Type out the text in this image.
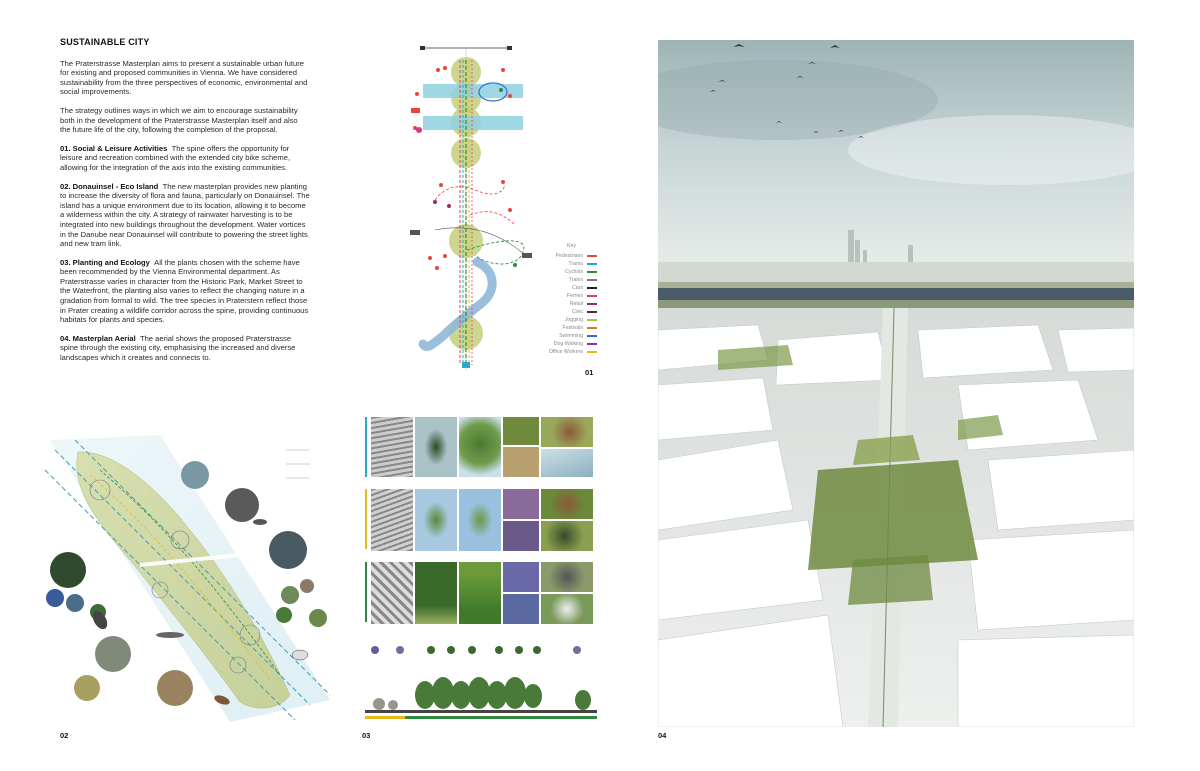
SUSTAINABLE CITY

The Praterstrasse Masterplan aims to present a sustainable urban future for existing and proposed communities in Vienna. We have considered sustainability from the three perspectives of economic, environmental and social improvements.

The strategy outlines ways in which we aim to encourage sustainability both in the development of the Praterstrasse Masterplan itself and also the future life of the city, following the completion of the proposal.

01. Social & Leisure Activities The spine offers the opportunity for leisure and recreation combined with the extended city bike scheme, allowing for the integration of the axis into the existing communities.

02. Donauinsel - Eco Island The new masterplan provides new planting to increase the diversity of flora and fauna, particularly on Donauinsel. The island has a unique environment due to its location, allowing it to become a wilderness within the city. A strategy of rainwater harvesting is to be integrated into new buildings throughout the development. Water vortices in the Danube near Donauinsel will contribute to powering the street lights and new tram link.

03. Planting and Ecology All the plants chosen with the scheme have been recommended by the Vienna Environmental department. As Praterstrasse varies in character from the Historic Park, Market Street to the Waterfront, the planting also varies to reflect the changing nature in a gradation from formal to wild. The tree species in Praterstern reflect those in Prater creating a wildlife corridor across the spine, providing continuous habitats for plants and species.

04. Masterplan Aerial The aerial shows the proposed Praterstrasse spine through the existing city, emphasising the increased and diverse landscapes which it creates and connects to.

Key
Pedestrians
Trams
Cyclists
Trains
Cars
Ferries
Retail
Civic
Jogging
Festivals
Swimming
Dog Walking
Office Workers
01
02	03	04
